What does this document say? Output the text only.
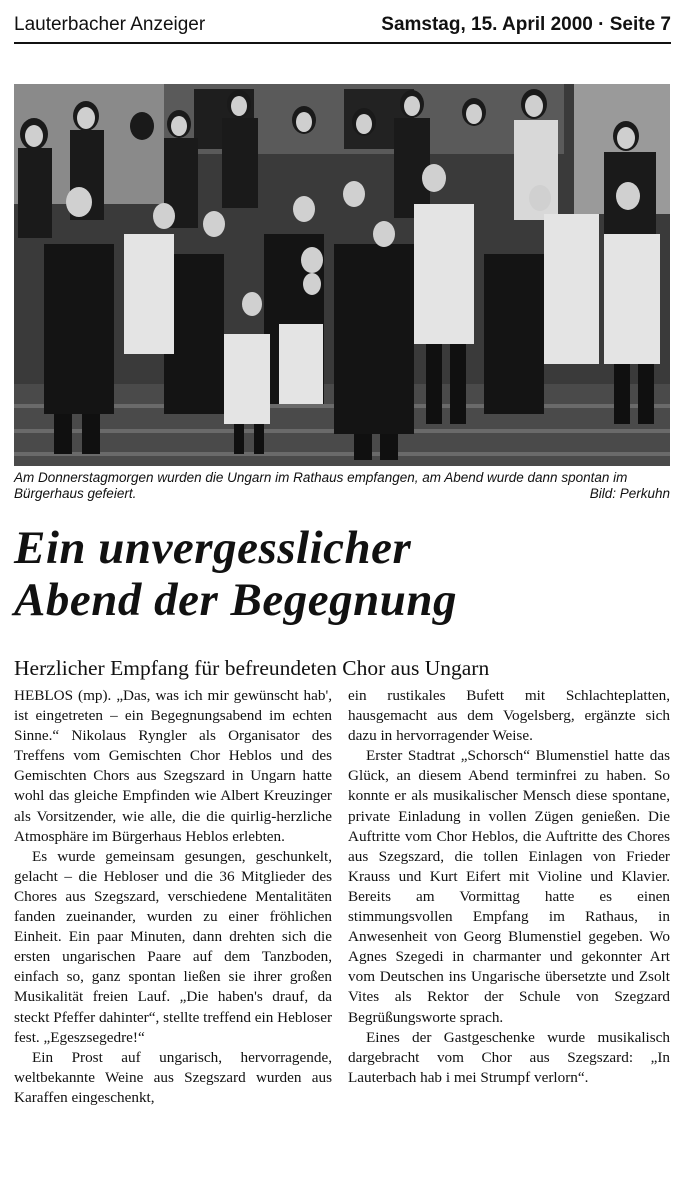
Lauterbacher Anzeiger	Samstag, 15. April 2000 · Seite 7
Am Donnerstagmorgen wurden die Ungarn im Rathaus empfangen, am Abend wurde dann spontan im Bürgerhaus gefeiert.	Bild: Perkuhn
Ein unvergesslicher
Abend der Begegnung
Herzlicher Empfang für befreundeten Chor aus Ungarn

HEBLOS (mp). „Das, was ich mir gewünscht hab', ist eingetreten – ein Begegnungsabend im echten Sinne.“ Nikolaus Ryngler als Organisator des Treffens vom Gemischten Chor Heblos und des Gemischten Chors aus Szegszard in Ungarn hatte wohl das gleiche Empfinden wie Albert Kreuzinger als Vorsitzender, wie alle, die die quirlig-herzliche Atmosphäre im Bürgerhaus Heblos erlebten.

Es wurde gemeinsam gesungen, geschunkelt, gelacht – die Hebloser und die 36 Mitglieder des Chores aus Szegszard, verschiedene Mentalitäten fanden zueinander, wurden zu einer fröhlichen Einheit. Ein paar Minuten, dann drehten sich die ersten ungarischen Paare auf dem Tanzboden, einfach so, ganz spontan ließen sie ihrer großen Musikalität freien Lauf. „Die haben's drauf, da steckt Pfeffer dahinter“, stellte treffend ein Hebloser fest. „Egeszsegedre!“

Ein Prost auf ungarisch, hervorragende, weltbekannte Weine aus Szegszard wurden aus Karaffen eingeschenkt,

ein rustikales Bufett mit Schlachteplatten, hausgemacht aus dem Vogelsberg, ergänzte sich dazu in hervorragender Weise.

Erster Stadtrat „Schorsch“ Blumenstiel hatte das Glück, an diesem Abend terminfrei zu haben. So konnte er als musikalischer Mensch diese spontane, private Einladung in vollen Zügen genießen. Die Auftritte vom Chor Heblos, die Auftritte des Chores aus Szegszard, die tollen Einlagen von Frieder Krauss und Kurt Eifert mit Violine und Klavier. Bereits am Vormittag hatte es einen stimmungsvollen Empfang im Rathaus, in Anwesenheit von Georg Blumenstiel gegeben. Wo Agnes Szegedi in charmanter und gekonnter Art vom Deutschen ins Ungarische übersetzte und Zsolt Vites als Rektor der Schule von Szegzard Begrüßungsworte sprach.

Eines der Gastgeschenke wurde musikalisch dargebracht vom Chor aus Szegszard: „In Lauterbach hab i mei Strumpf verlorn“.
